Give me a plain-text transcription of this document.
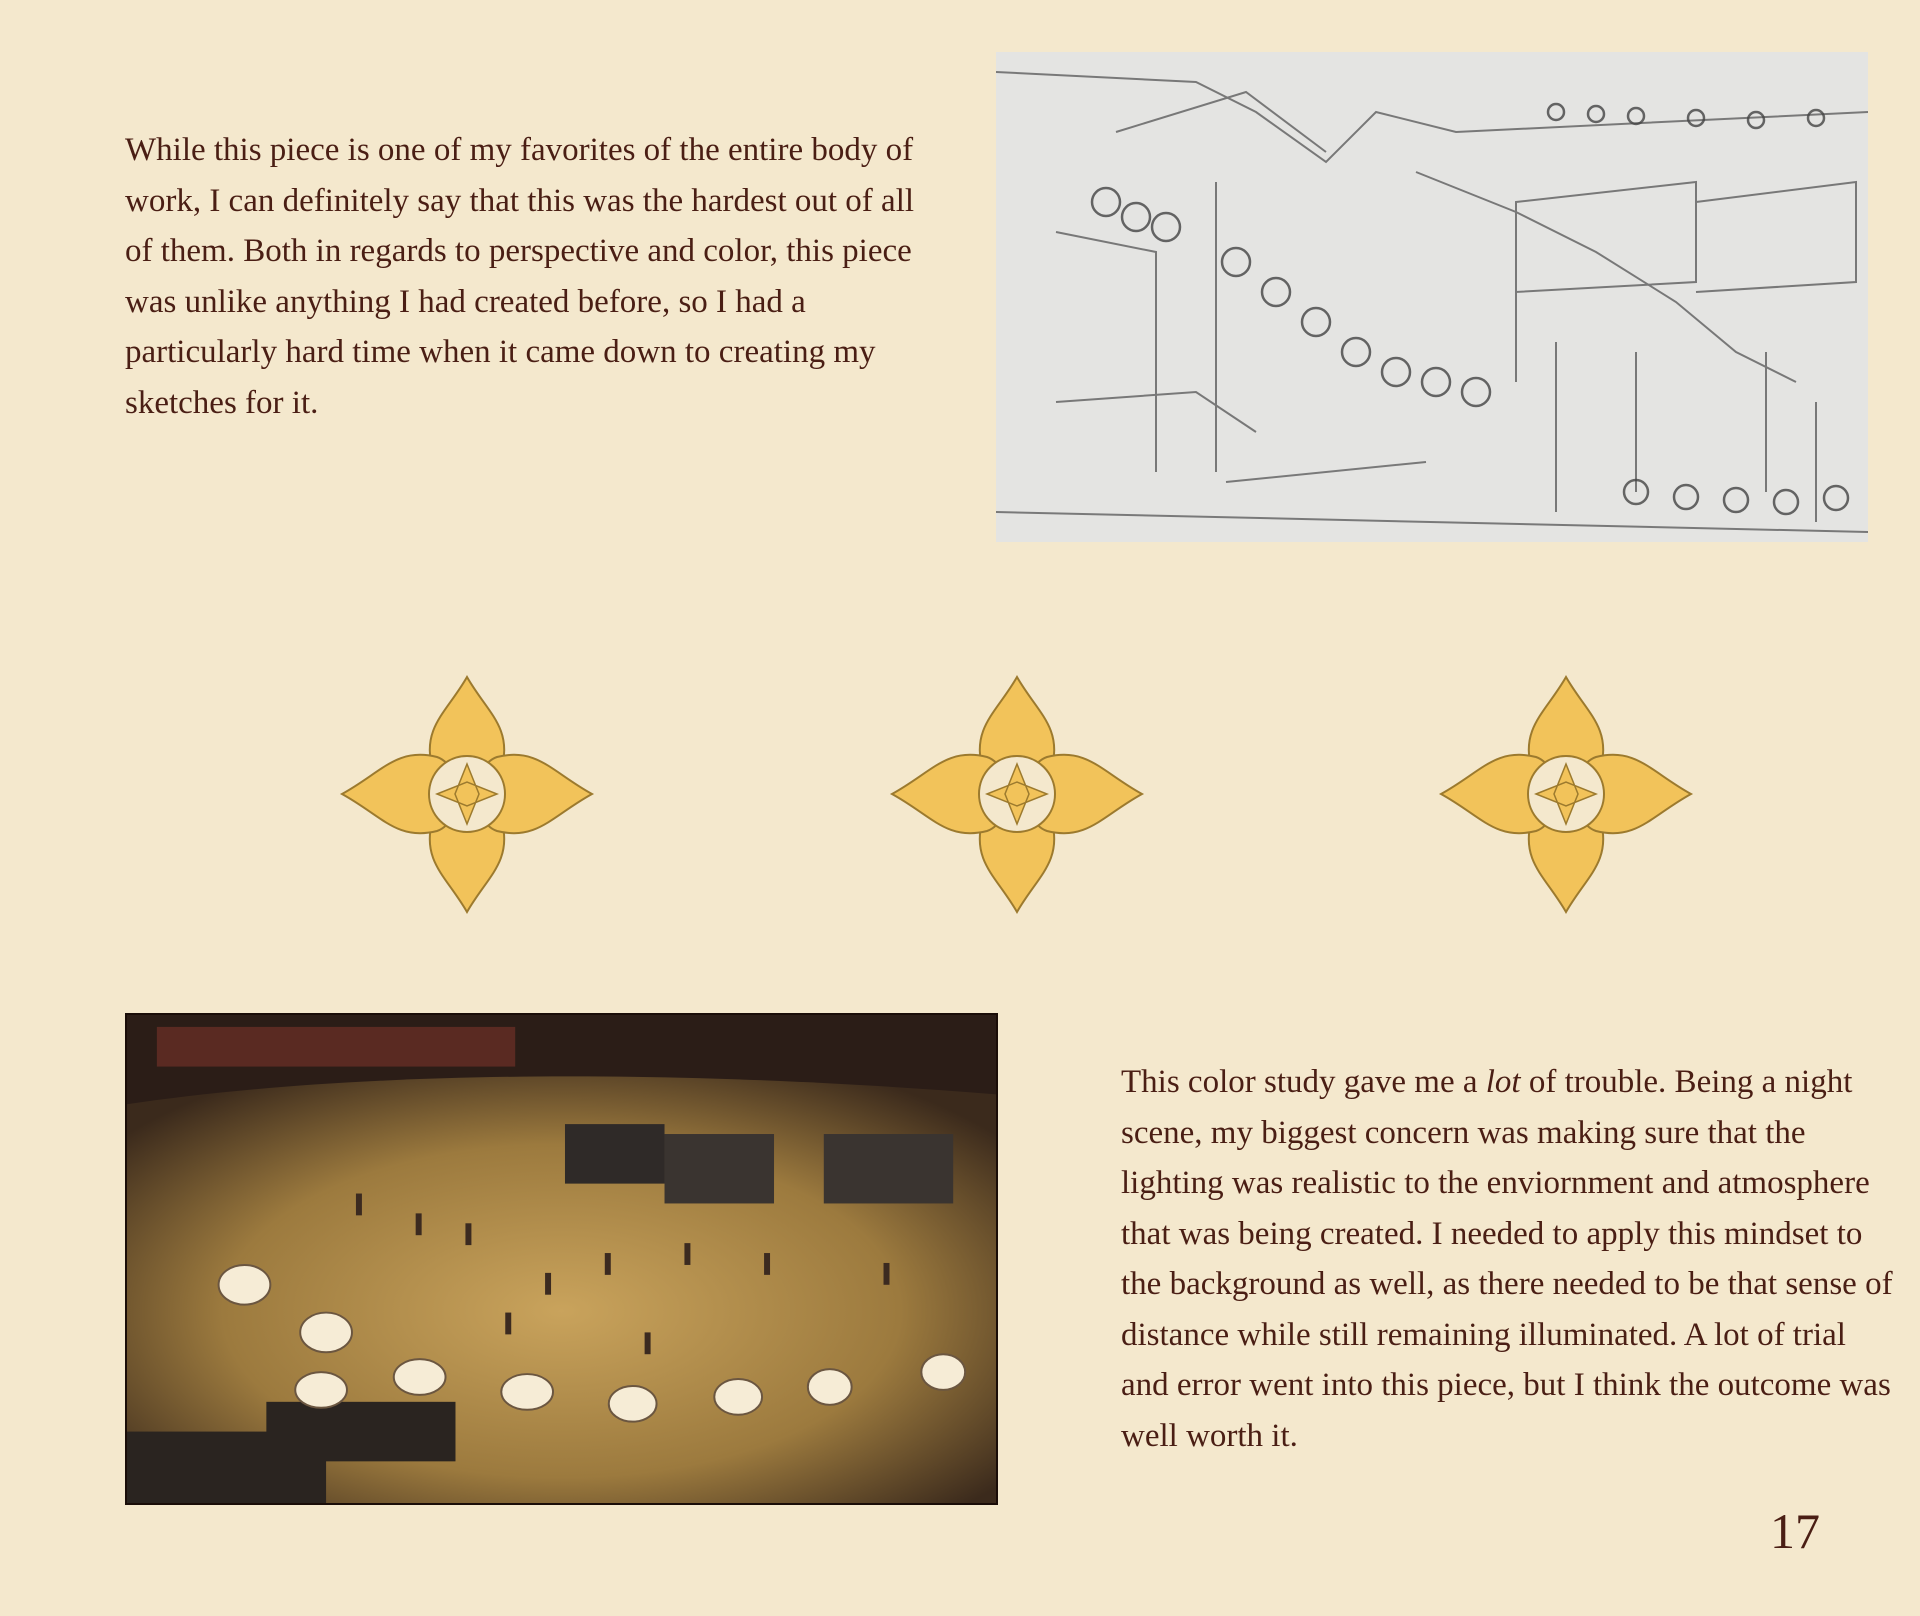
While this piece is one of my favorites of the entire body of work, I can definitely say that this was the hardest out of all of them. Both in regards to perspective and color, this piece was unlike anything I had created before, so I had a particularly hard time when it came down to creating my sketches for it.

This color study gave me a lot of trouble. Being a night scene, my biggest concern was making sure that the lighting was realistic to the enviornment and atmosphere that was being created. I needed to apply this mindset to the background as well, as there needed to be that sense of distance while still remaining illuminated. A lot of trial and error went into this piece, but I think the outcome was well worth it.

17
